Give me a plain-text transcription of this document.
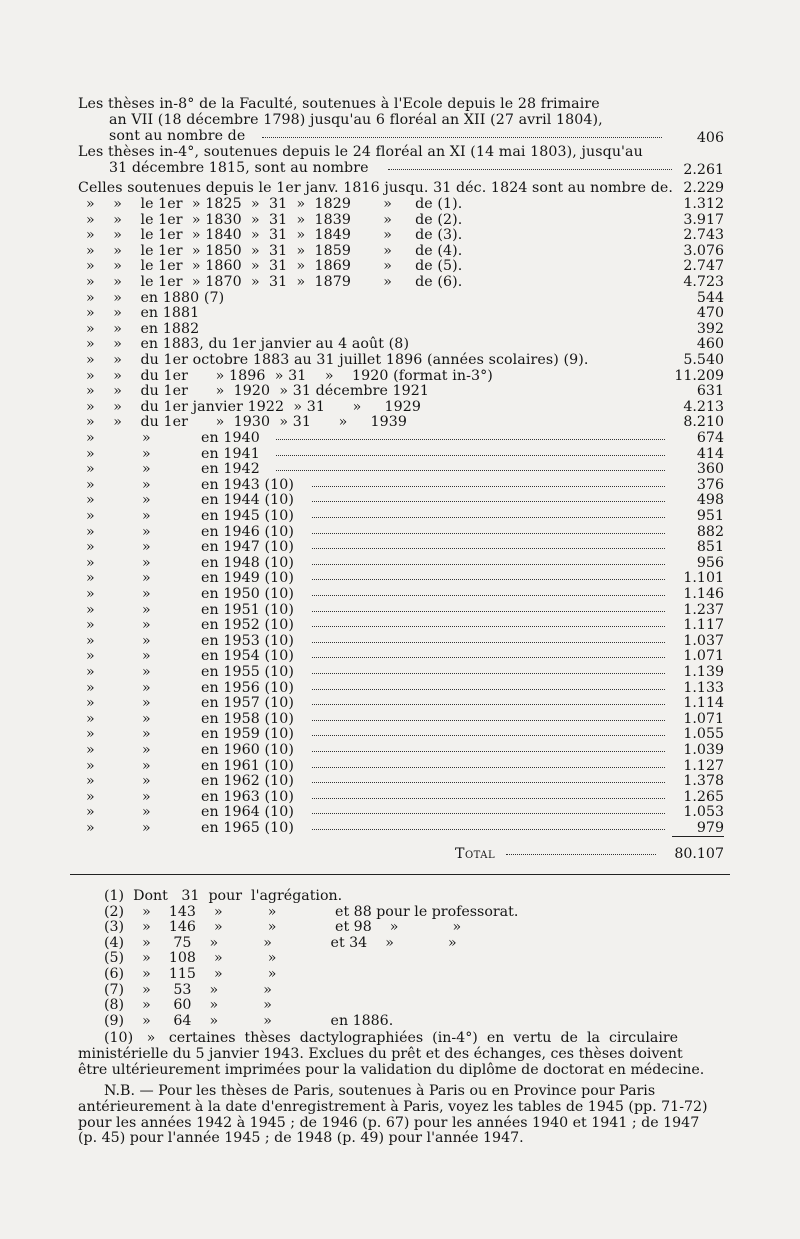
Les thèses in-8° de la Faculté, soutenues à l'Ecole depuis le 28 frimaire
an VII (18 décembre 1798) jusqu'au 6 floréal an XII (27 avril 1804),
sont au nombre de	406
Les thèses in-4°, soutenues depuis le 24 floréal an XI (14 mai 1803), jusqu'au
31 décembre 1815, sont au nombre	2.261
Celles soutenues depuis le 1er janv. 1816 jusqu. 31 déc. 1824 sont au nombre de. 2.229
»    »    le 1er  » 1825  »  31  »  1829       »     de (1).	1.312
»    »    le 1er  » 1830  »  31  »  1839       »     de (2).	3.917
»    »    le 1er  » 1840  »  31  »  1849       »     de (3).	2.743
»    »    le 1er  » 1850  »  31  »  1859       »     de (4).	3.076
»    »    le 1er  » 1860  »  31  »  1869       »     de (5).	2.747
»    »    le 1er  » 1870  »  31  »  1879       »     de (6).	4.723
»    »    en 1880 (7)	544
»    »    en 1881	470
»    »    en 1882	392
»    »    en 1883, du 1er janvier au 4 août (8)	460
»    »    du 1er octobre 1883 au 31 juillet 1896 (années scolaires) (9).	5.540
»    »    du 1er      » 1896  » 31    »    1920 (format in-3°)	11.209
»    »    du 1er      »  1920  » 31 décembre 1921	631
»    »    du 1er janvier 1922  » 31      »     1929	4.213
»    »    du 1er      »  1930  » 31      »     1939	8.210
»	»	en 1940	674
»	»	en 1941	414
»	»	en 1942	360
»	»	en 1943 (10)	376
»	»	en 1944 (10)	498
»	»	en 1945 (10)	951
»	»	en 1946 (10)	882
»	»	en 1947 (10)	851
»	»	en 1948 (10)	956
»	»	en 1949 (10)	1.101
»	»	en 1950 (10)	1.146
»	»	en 1951 (10)	1.237
»	»	en 1952 (10)	1.117
»	»	en 1953 (10)	1.037
»	»	en 1954 (10)	1.071
»	»	en 1955 (10)	1.139
»	»	en 1956 (10)	1.133
»	»	en 1957 (10)	1.114
»	»	en 1958 (10)	1.071
»	»	en 1959 (10)	1.055
»	»	en 1960 (10)	1.039
»	»	en 1961 (10)	1.127
»	»	en 1962 (10)	1.378
»	»	en 1963 (10)	1.265
»	»	en 1964 (10)	1.053
»	»	en 1965 (10)	979
Total	80.107
(1)  Dont   31  pour  l'agrégation.
(2)    »    143    »          »             et 88 pour le professorat.
(3)    »    146    »          »             et 98    »            »
(4)    »     75    »          »             et 34    »            »
(5)    »    108    »          »
(6)    »    115    »          »
(7)    »     53    »          »
(8)    »     60    »          »
(9)    »     64    »          »             en 1886.
(10)   »   certaines  thèses  dactylographiées  (in-4°)  en  vertu  de  la  circulaire
ministérielle du 5 janvier 1943. Exclues du prêt et des échanges, ces thèses doivent
être ultérieurement imprimées pour la validation du diplôme de doctorat en médecine.
N.B. — Pour les thèses de Paris, soutenues à Paris ou en Province pour Paris
antérieurement à la date d'enregistrement à Paris, voyez les tables de 1945 (pp. 71-72)
pour les années 1942 à 1945 ; de 1946 (p. 67) pour les années 1940 et 1941 ; de 1947
(p. 45) pour l'année 1945 ; de 1948 (p. 49) pour l'année 1947.
